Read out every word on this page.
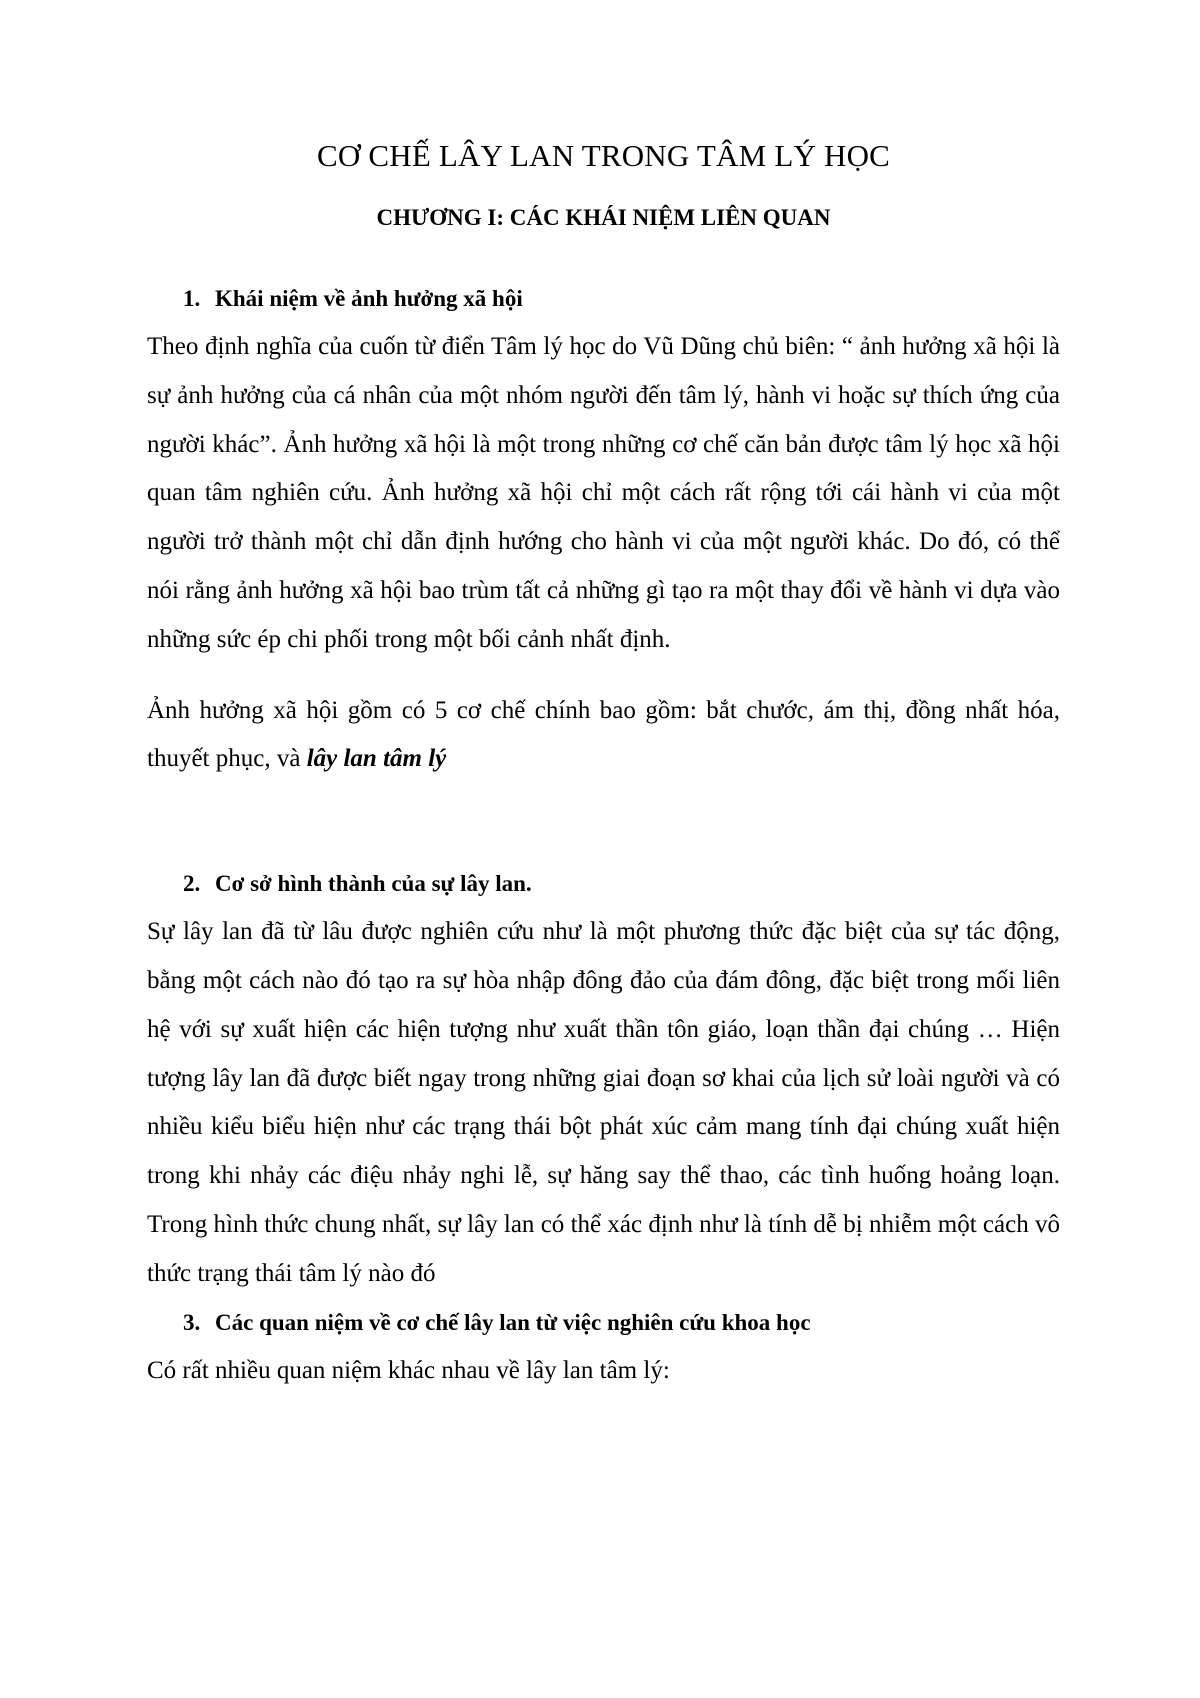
CƠ CHẾ LÂY LAN TRONG TÂM LÝ HỌC
CHƯƠNG I: CÁC KHÁI NIỆM LIÊN QUAN
1. Khái niệm về ảnh hưởng xã hội

Theo định nghĩa của cuốn từ điển Tâm lý học do Vũ Dũng chủ biên: “ ảnh hưởng xã hội là sự ảnh hưởng của cá nhân của một nhóm người đến tâm lý, hành vi hoặc sự thích ứng của người khác”. Ảnh hưởng xã hội là một trong những cơ chế căn bản được tâm lý học xã hội quan tâm nghiên cứu. Ảnh hưởng xã hội chỉ một cách rất rộng tới cái hành vi của một người trở thành một chỉ dẫn định hướng cho hành vi của một người khác. Do đó, có thể nói rằng ảnh hưởng xã hội bao trùm tất cả những gì tạo ra một thay đổi về hành vi dựa vào những sức ép chi phối trong một bối cảnh nhất định.

Ảnh hưởng xã hội gồm có 5 cơ chế chính bao gồm: bắt chước, ám thị, đồng nhất hóa, thuyết phục, và lây lan tâm lý

2. Cơ sở hình thành của sự lây lan.

Sự lây lan đã từ lâu được nghiên cứu như là một phương thức đặc biệt của sự tác động, bằng một cách nào đó tạo ra sự hòa nhập đông đảo của đám đông, đặc biệt trong mối liên hệ với sự xuất hiện các hiện tượng như xuất thần tôn giáo, loạn thần đại chúng … Hiện tượng lây lan đã được biết ngay trong những giai đoạn sơ khai của lịch sử loài người và có nhiều kiểu biểu hiện như các trạng thái bột phát xúc cảm mang tính đại chúng xuất hiện trong khi nhảy các điệu nhảy nghi lễ, sự hăng say thể thao, các tình huống hoảng loạn. Trong hình thức chung nhất, sự lây lan có thể xác định như là tính dễ bị nhiễm một cách vô thức trạng thái tâm lý nào đó

3. Các quan niệm về cơ chế lây lan từ việc nghiên cứu khoa học

Có rất nhiều quan niệm khác nhau về lây lan tâm lý:
